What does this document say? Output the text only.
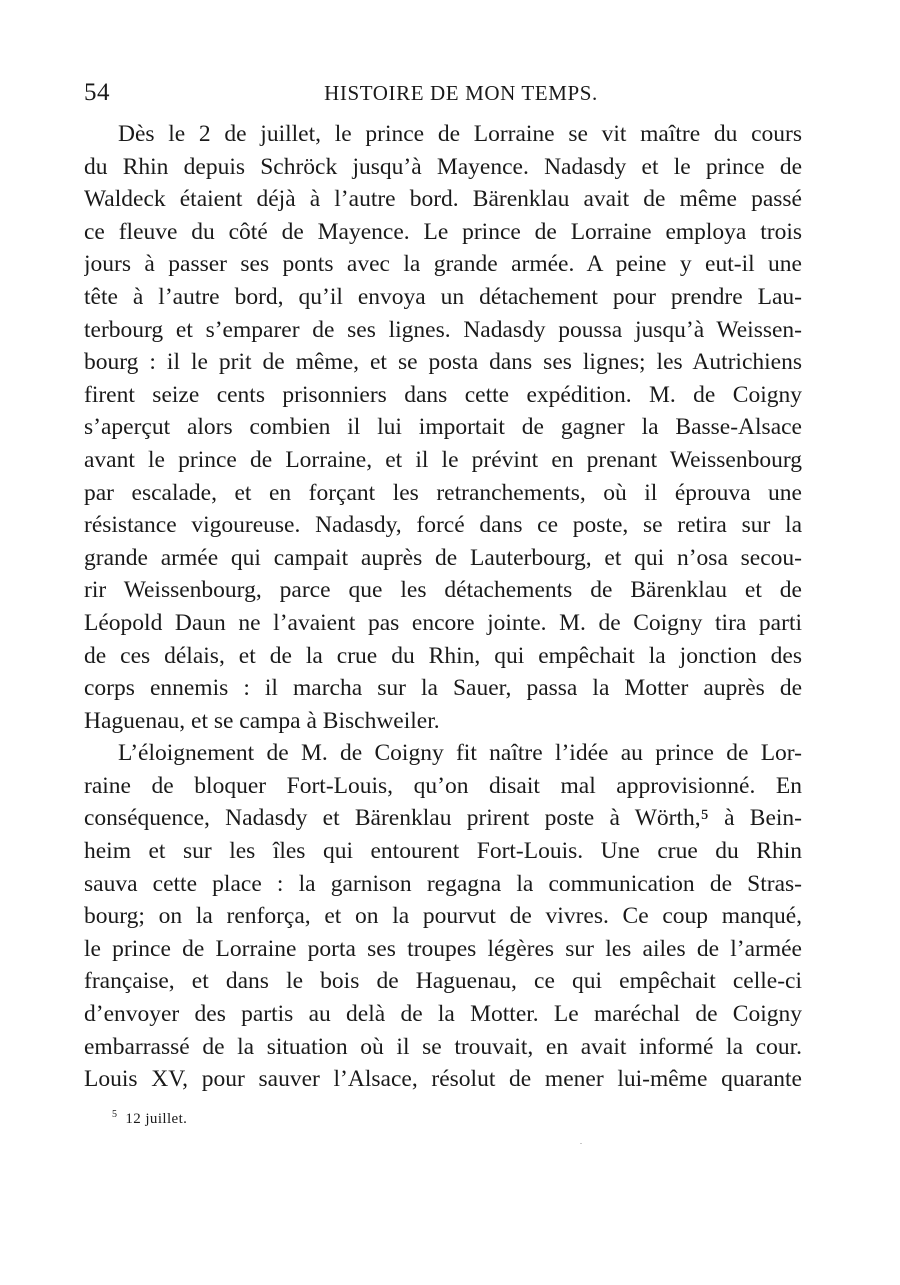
54	HISTOIRE DE MON TEMPS.
Dès le 2 de juillet, le prince de Lorraine se vit maître du cours
du Rhin depuis Schröck jusqu’à Mayence. Nadasdy et le prince de
Waldeck étaient déjà à l’autre bord. Bärenklau avait de même passé
ce fleuve du côté de Mayence. Le prince de Lorraine employa trois
jours à passer ses ponts avec la grande armée. A peine y eut-il une
tête à l’autre bord, qu’il envoya un détachement pour prendre Lau-
terbourg et s’emparer de ses lignes. Nadasdy poussa jusqu’à Weissen-
bourg : il le prit de même, et se posta dans ses lignes; les Autrichiens
firent seize cents prisonniers dans cette expédition. M. de Coigny
s’aperçut alors combien il lui importait de gagner la Basse-Alsace
avant le prince de Lorraine, et il le prévint en prenant Weissenbourg
par escalade, et en forçant les retranchements, où il éprouva une
résistance vigoureuse. Nadasdy, forcé dans ce poste, se retira sur la
grande armée qui campait auprès de Lauterbourg, et qui n’osa secou-
rir Weissenbourg, parce que les détachements de Bärenklau et de
Léopold Daun ne l’avaient pas encore jointe. M. de Coigny tira parti
de ces délais, et de la crue du Rhin, qui empêchait la jonction des
corps ennemis : il marcha sur la Sauer, passa la Motter auprès de
Haguenau, et se campa à Bischweiler.
L’éloignement de M. de Coigny fit naître l’idée au prince de Lor-
raine de bloquer Fort-Louis, qu’on disait mal approvisionné. En
conséquence, Nadasdy et Bärenklau prirent poste à Wörth,⁵ à Bein-
heim et sur les îles qui entourent Fort-Louis. Une crue du Rhin
sauva cette place : la garnison regagna la communication de Stras-
bourg; on la renforça, et on la pourvut de vivres. Ce coup manqué,
le prince de Lorraine porta ses troupes légères sur les ailes de l’armée
française, et dans le bois de Haguenau, ce qui empêchait celle-ci
d’envoyer des partis au delà de la Motter. Le maréchal de Coigny
embarrassé de la situation où il se trouvait, en avait informé la cour.
Louis XV, pour sauver l’Alsace, résolut de mener lui-même quarante
$^5$ 12 juillet.
